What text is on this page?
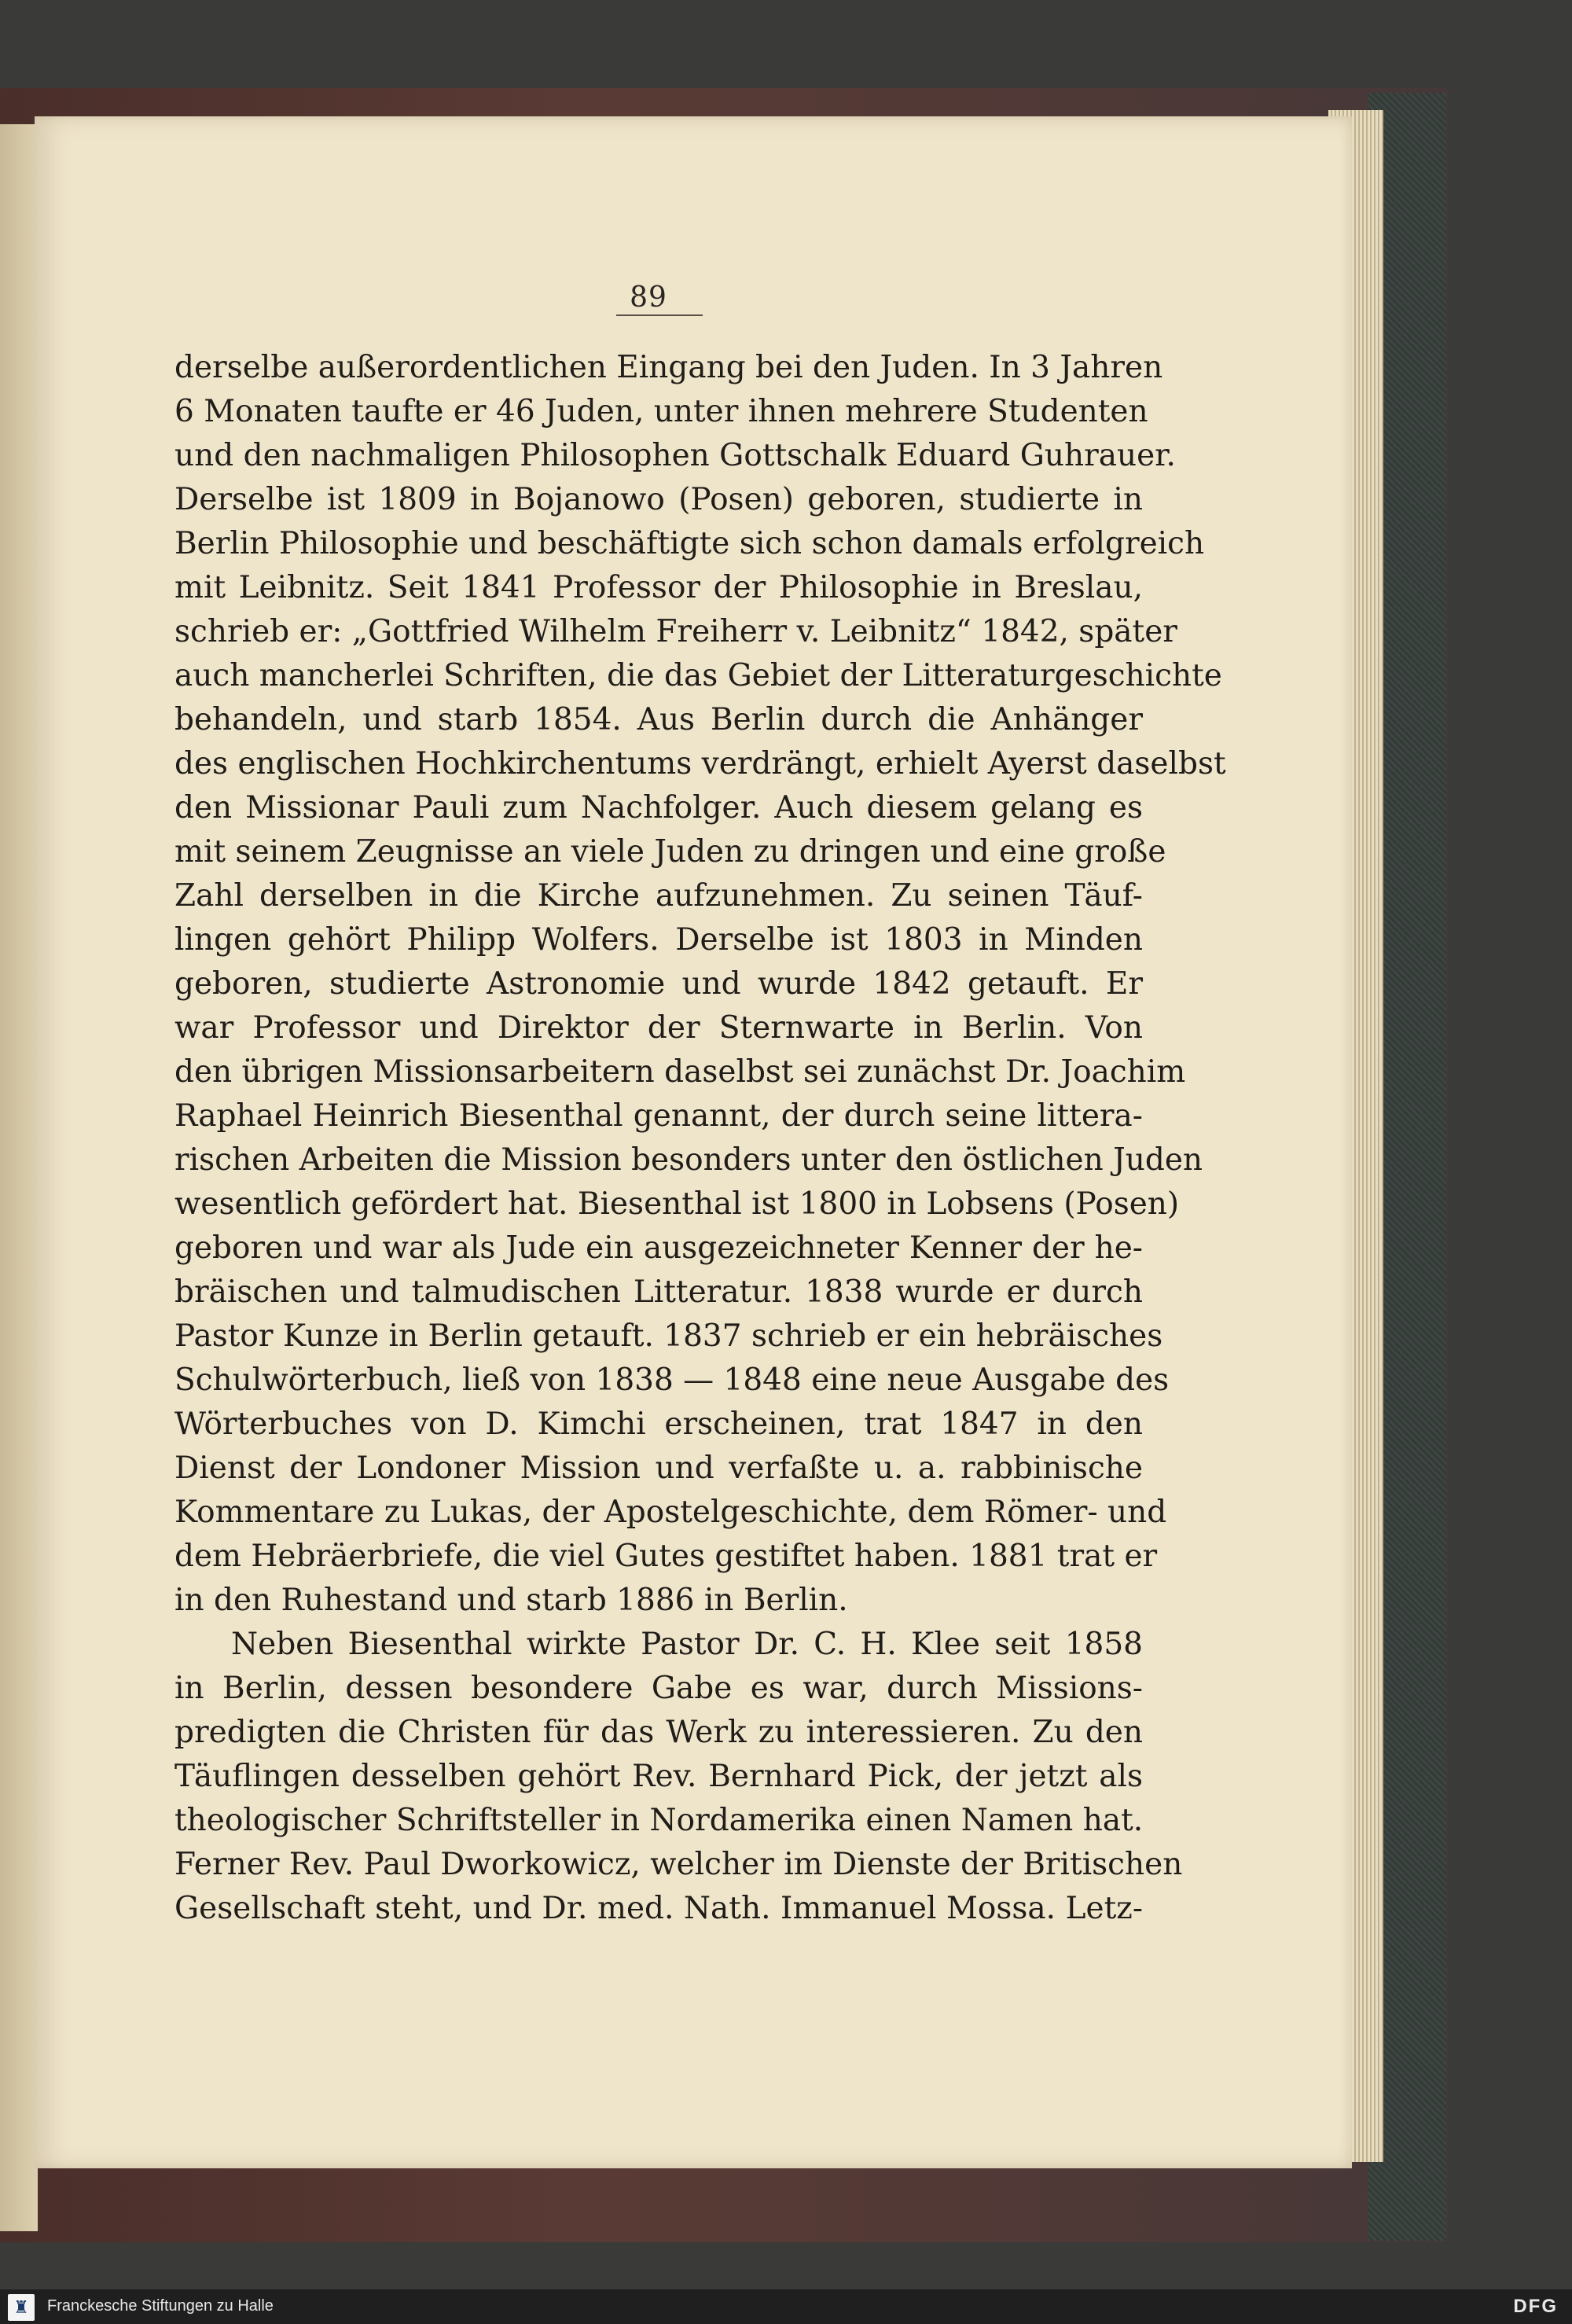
89
derselbe außerordentlichen Eingang bei den Juden. In 3 Jahren
6 Monaten taufte er 46 Juden, unter ihnen mehrere Studenten
und den nachmaligen Philosophen Gottschalk Eduard Guhrauer.
Derselbe ist 1809 in Bojanowo (Posen) geboren, studierte in
Berlin Philosophie und beschäftigte sich schon damals erfolgreich
mit Leibnitz. Seit 1841 Professor der Philosophie in Breslau,
schrieb er: „Gottfried Wilhelm Freiherr v. Leibnitz“ 1842, später
auch mancherlei Schriften, die das Gebiet der Litteraturgeschichte
behandeln, und starb 1854. Aus Berlin durch die Anhänger
des englischen Hochkirchentums verdrängt, erhielt Ayerst daselbst
den Missionar Pauli zum Nachfolger. Auch diesem gelang es
mit seinem Zeugnisse an viele Juden zu dringen und eine große
Zahl derselben in die Kirche aufzunehmen. Zu seinen Täuf-
lingen gehört Philipp Wolfers. Derselbe ist 1803 in Minden
geboren, studierte Astronomie und wurde 1842 getauft. Er
war Professor und Direktor der Sternwarte in Berlin. Von
den übrigen Missionsarbeitern daselbst sei zunächst Dr. Joachim
Raphael Heinrich Biesenthal genannt, der durch seine littera-
rischen Arbeiten die Mission besonders unter den östlichen Juden
wesentlich gefördert hat. Biesenthal ist 1800 in Lobsens (Posen)
geboren und war als Jude ein ausgezeichneter Kenner der he-
bräischen und talmudischen Litteratur. 1838 wurde er durch
Pastor Kunze in Berlin getauft. 1837 schrieb er ein hebräisches
Schulwörterbuch, ließ von 1838 — 1848 eine neue Ausgabe des
Wörterbuches von D. Kimchi erscheinen, trat 1847 in den
Dienst der Londoner Mission und verfaßte u. a. rabbinische
Kommentare zu Lukas, der Apostelgeschichte, dem Römer- und
dem Hebräerbriefe, die viel Gutes gestiftet haben. 1881 trat er
in den Ruhestand und starb 1886 in Berlin.
Neben Biesenthal wirkte Pastor Dr. C. H. Klee seit 1858
in Berlin, dessen besondere Gabe es war, durch Missions-
predigten die Christen für das Werk zu interessieren. Zu den
Täuflingen desselben gehört Rev. Bernhard Pick, der jetzt als
theologischer Schriftsteller in Nordamerika einen Namen hat.
Ferner Rev. Paul Dworkowicz, welcher im Dienste der Britischen
Gesellschaft steht, und Dr. med. Nath. Immanuel Mossa. Letz-
♜	Franckesche Stiftungen zu Halle	DFG
